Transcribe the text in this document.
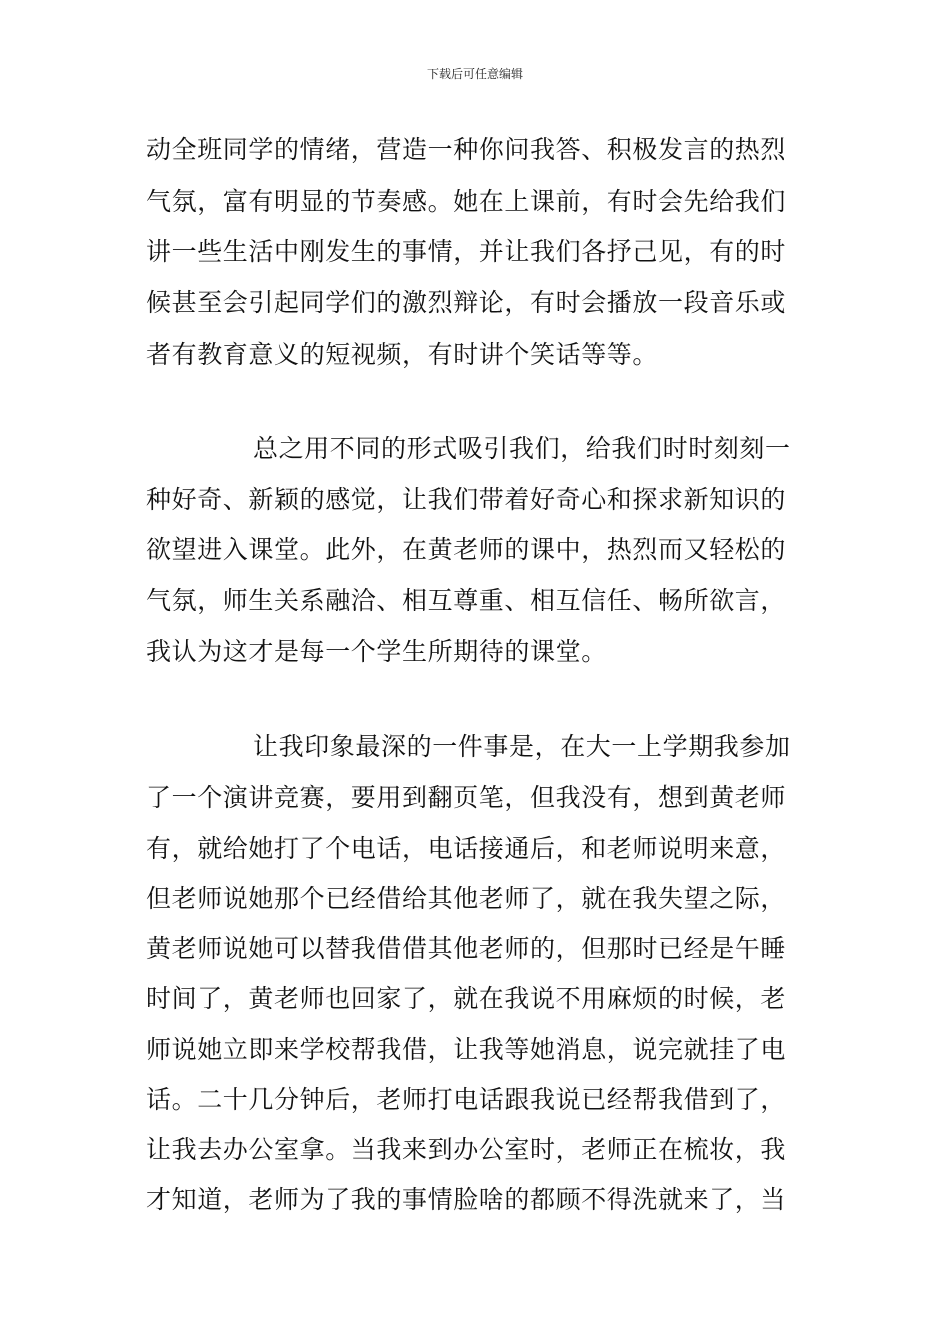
下载后可任意编辑
动全班同学的情绪，营造一种你问我答、积极发言的热烈
气氛，富有明显的节奏感。她在上课前，有时会先给我们
讲一些生活中刚发生的事情，并让我们各抒己见，有的时
候甚至会引起同学们的激烈辩论，有时会播放一段音乐或
者有教育意义的短视频，有时讲个笑话等等。
总之用不同的形式吸引我们，给我们时时刻刻一
种好奇、新颖的感觉，让我们带着好奇心和探求新知识的
欲望进入课堂。此外，在黄老师的课中，热烈而又轻松的
气氛，师生关系融洽、相互尊重、相互信任、畅所欲言，
我认为这才是每一个学生所期待的课堂。
让我印象最深的一件事是，在大一上学期我参加
了一个演讲竞赛，要用到翻页笔，但我没有，想到黄老师
有，就给她打了个电话，电话接通后，和老师说明来意，
但老师说她那个已经借给其他老师了，就在我失望之际，
黄老师说她可以替我借借其他老师的，但那时已经是午睡
时间了，黄老师也回家了，就在我说不用麻烦的时候，老
师说她立即来学校帮我借，让我等她消息，说完就挂了电
话。二十几分钟后，老师打电话跟我说已经帮我借到了，
让我去办公室拿。当我来到办公室时，老师正在梳妆，我
才知道，老师为了我的事情脸啥的都顾不得洗就来了，当
